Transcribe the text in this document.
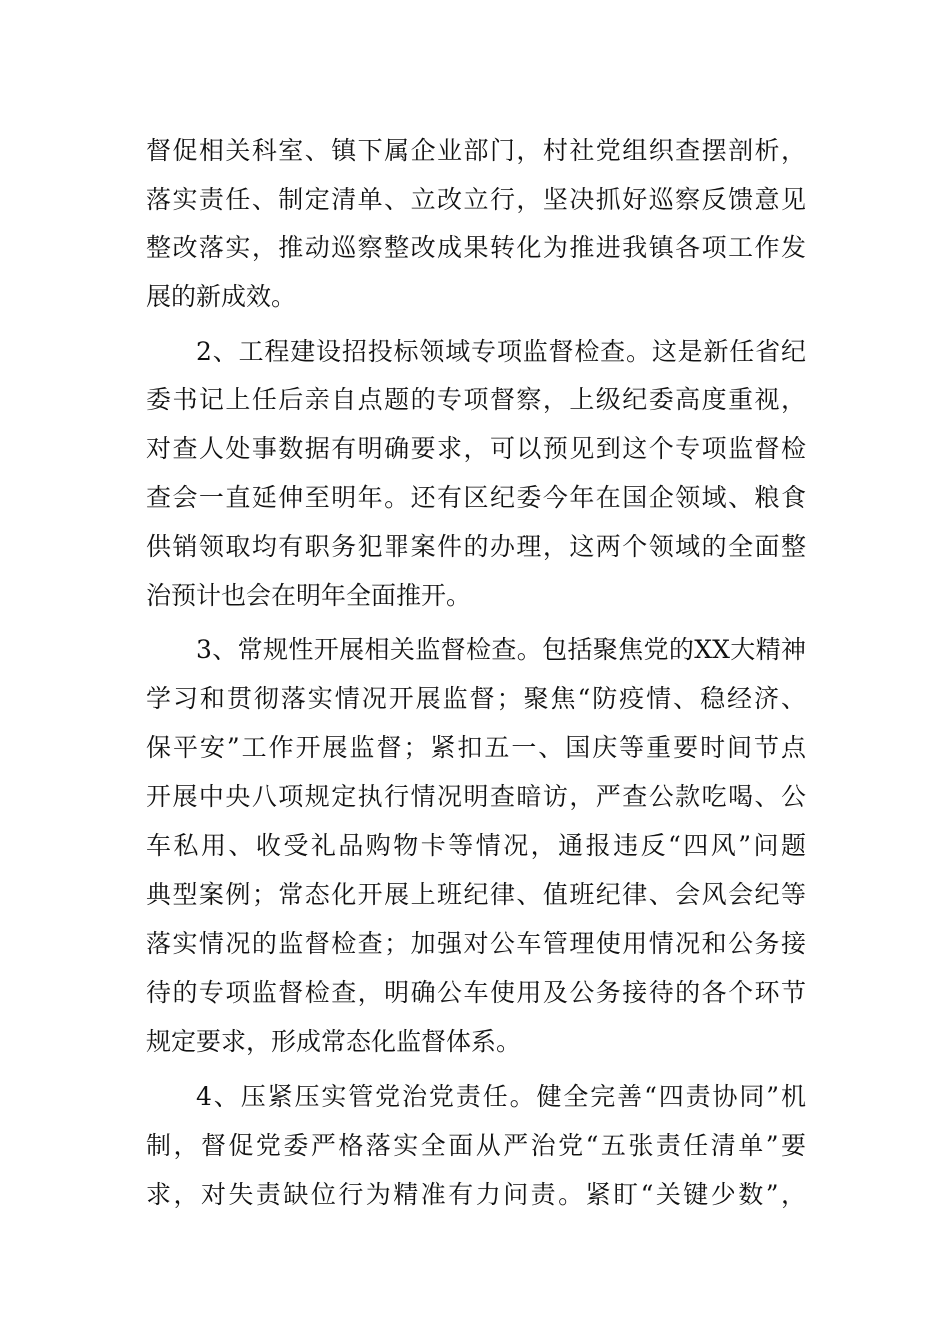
督促相关科室、镇下属企业部门，村社党组织查摆剖析，
落实责任、制定清单、立改立行，坚决抓好巡察反馈意见
整改落实，推动巡察整改成果转化为推进我镇各项工作发
展的新成效。
2、工程建设招投标领域专项监督检查。这是新任省纪
委书记上任后亲自点题的专项督察，上级纪委高度重视，
对查人处事数据有明确要求，可以预见到这个专项监督检
查会一直延伸至明年。还有区纪委今年在国企领域、粮食
供销领取均有职务犯罪案件的办理，这两个领域的全面整
治预计也会在明年全面推开。
3、常规性开展相关监督检查。包括聚焦党的XX大精神
学习和贯彻落实情况开展监督；聚焦“防疫情、稳经济、
保平安”工作开展监督；紧扣五一、国庆等重要时间节点
开展中央八项规定执行情况明查暗访，严查公款吃喝、公
车私用、收受礼品购物卡等情况，通报违反“四风”问题
典型案例；常态化开展上班纪律、值班纪律、会风会纪等
落实情况的监督检查；加强对公车管理使用情况和公务接
待的专项监督检查，明确公车使用及公务接待的各个环节
规定要求，形成常态化监督体系。
4、压紧压实管党治党责任。健全完善“四责协同”机
制，督促党委严格落实全面从严治党“五张责任清单”要
求，对失责缺位行为精准有力问责。紧盯“关键少数”，
